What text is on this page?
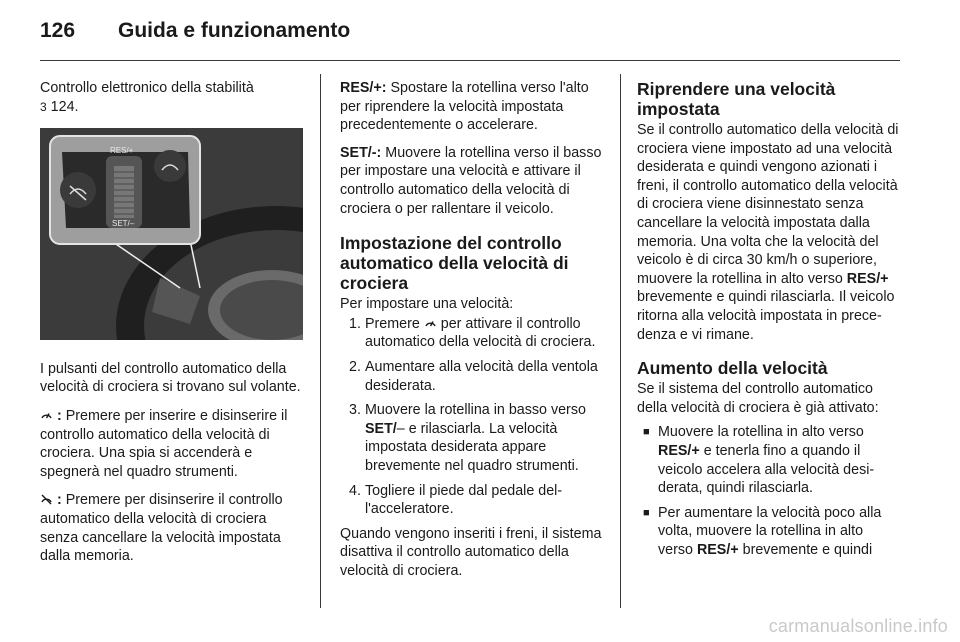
126 Guida e funzionamento

Controllo elettronico della stabilità

3 124.

RES/+
SET/–

I pulsanti del controllo automatico della velocità di crociera si trovano sul volante.

: Premere per inserire e disinserire il controllo automatico della velocità di crociera. Una spia si accenderà e spegnerà nel quadro strumenti.

: Premere per disinserire il controllo automatico della velocità di crociera senza cancellare la velocità impostata dalla memoria.

RES/+: Spostare la rotellina verso l'alto per riprendere la velocità impostata precedentemente o accelerare.

SET/-: Muovere la rotellina verso il basso per impostare una velocità e attivare il controllo automatico della velocità di crociera o per rallentare il veicolo.

Impostazione del controllo automatico della velocità di crociera

Per impostare una velocità:

1. Premere  per attivare il controllo automatico della velocità di crociera.
2. Aumentare alla velocità della ventola desiderata.
3. Muovere la rotellina in basso verso SET/– e rilasciarla. La velocità impostata desiderata appare brevemente nel quadro strumenti.
4. Togliere il piede dal pedale dell'acceleratore.

Quando vengono inseriti i freni, il sistema disattiva il controllo automatico della velocità di crociera.

Riprendere una velocità impostata

Se il controllo automatico della velocità di crociera viene impostato ad una velocità desiderata e quindi vengono azionati i freni, il controllo automatico della velocità di crociera viene disinnestato senza cancellare la velocità impostata dalla memoria. Una volta che la velocità del veicolo è di circa 30 km/h o superiore, muovere la rotellina in alto verso RES/+ brevemente e quindi rilasciarla. Il veicolo ritorna alla velocità impostata in precedenza e vi rimane.

Aumento della velocità

Se il sistema del controllo automatico della velocità di crociera è già attivato:

■ Muovere la rotellina in alto verso RES/+ e tenerla fino a quando il veicolo accelera alla velocità desiderata, quindi rilasciarla.
■ Per aumentare la velocità poco alla volta, muovere la rotellina in alto verso RES/+ brevemente e quindi
carmanualsonline.info
